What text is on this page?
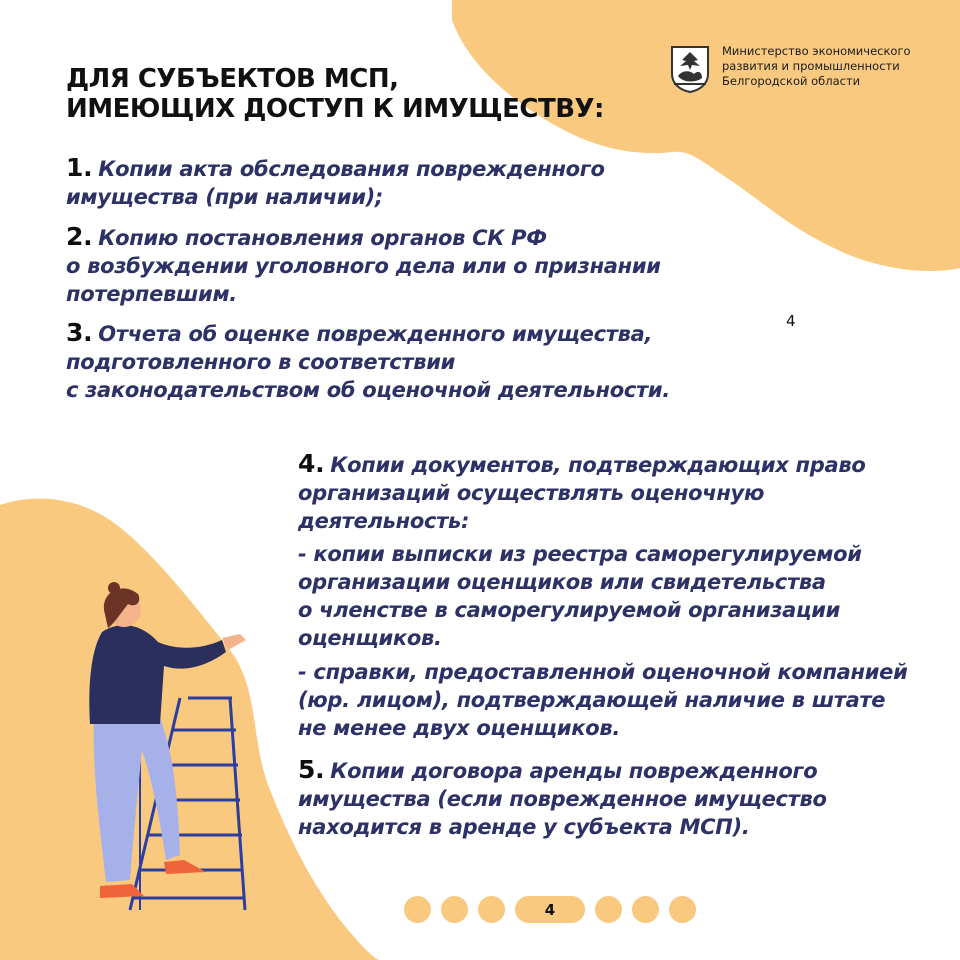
Министерство экономического
развития и промышленности
Белгородской области
ДЛЯ СУБЪЕКТОВ МСП,
ИМЕЮЩИХ ДОСТУП К ИМУЩЕСТВУ:
1. Копии акта обследования поврежденного
имущества (при наличии);
2. Копию постановления органов СК РФ
о возбуждении уголовного дела или о признании
потерпевшим.
3. Отчета об оценке поврежденного имущества,
подготовленного в соответствии
с законодательством об оценочной деятельности.
4
4. Копии документов, подтверждающих право
организаций осуществлять оценочную
деятельность:
- копии выписки из реестра саморегулируемой
организации оценщиков или свидетельства
о членстве в саморегулируемой организации
оценщиков.
- справки, предоставленной оценочной компанией
(юр. лицом), подтверждающей наличие в штате
не менее двух оценщиков.
5. Копии договора аренды поврежденного
имущества (если поврежденное имущество
находится в аренде у субъекта МСП).
4
